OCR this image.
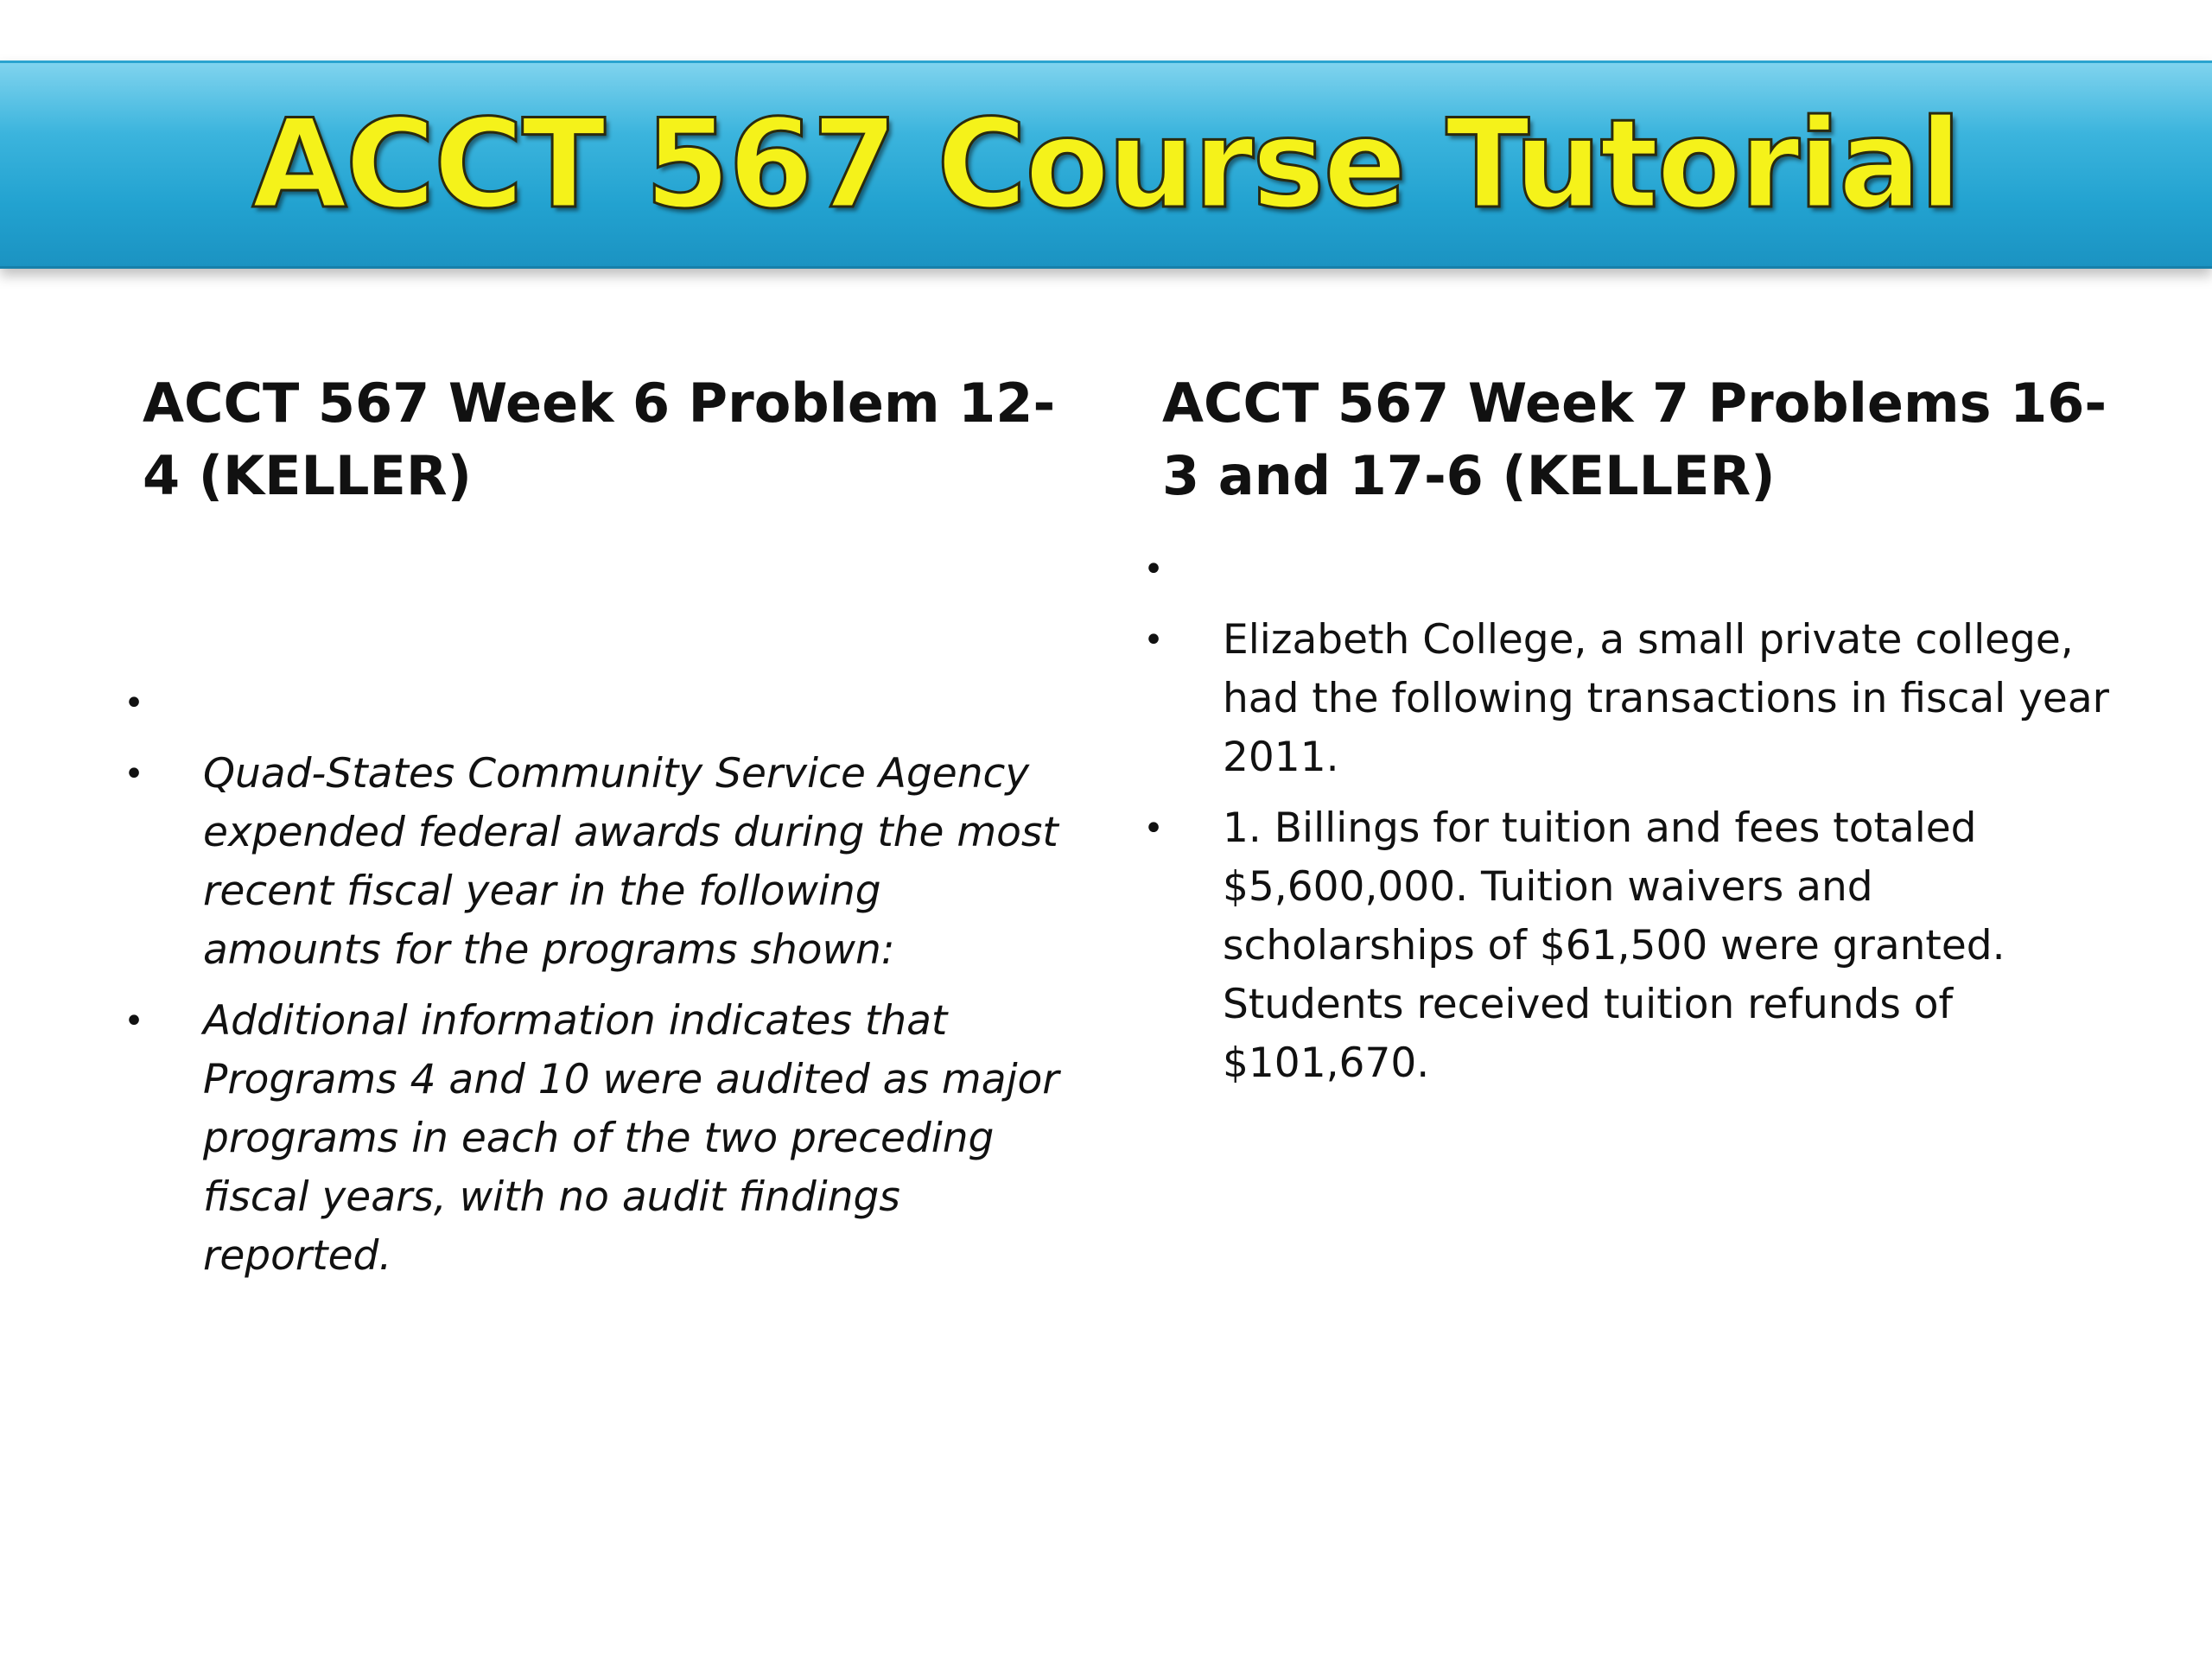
ACCT 567 Course Tutorial
ACCT 567 Week 6 Problem 12-4 (KELLER)
•
• Quad-States Community Service Agency expended federal awards during the most recent fiscal year in the following amounts for the programs shown:
• Additional information indicates that Programs 4 and 10 were audited as major programs in each of the two preceding fiscal years, with no audit findings reported.
ACCT 567 Week 7 Problems 16-3 and 17-6 (KELLER)
•
• Elizabeth College, a small private college, had the following transactions in fiscal year 2011.
• 1. Billings for tuition and fees totaled $5,600,000. Tuition waivers and scholarships of $61,500 were granted. Students received tuition refunds of $101,670.
